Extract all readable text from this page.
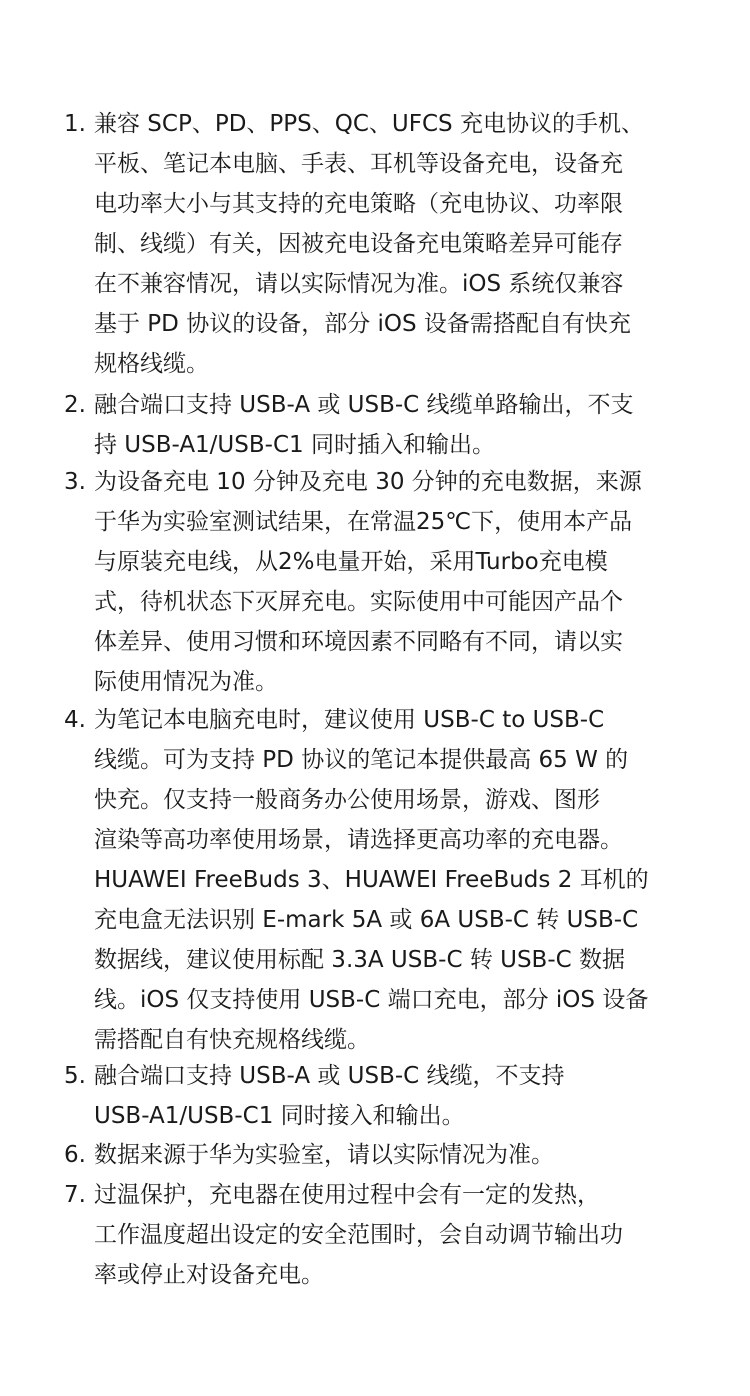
1. 兼容 SCP、PD、PPS、QC、UFCS 充电协议的手机、
平板、笔记本电脑、手表、耳机等设备充电，设备充
电功率大小与其支持的充电策略（充电协议、功率限
制、线缆）有关，因被充电设备充电策略差异可能存
在不兼容情况，请以实际情况为准。iOS 系统仅兼容
基于 PD 协议的设备，部分 iOS 设备需搭配自有快充
规格线缆。
2. 融合端口支持 USB-A 或 USB-C 线缆单路输出，不支
持 USB-A1/USB-C1 同时插入和输出。
3. 为设备充电 10 分钟及充电 30 分钟的充电数据，来源
于华为实验室测试结果，在常温25℃下，使用本产品
与原装充电线，从2%电量开始，采用Turbo充电模
式，待机状态下灭屏充电。实际使用中可能因产品个
体差异、使用习惯和环境因素不同略有不同，请以实
际使用情况为准。
4. 为笔记本电脑充电时，建议使用 USB-C to USB-C
线缆。可为支持 PD 协议的笔记本提供最高 65 W 的
快充。仅支持一般商务办公使用场景，游戏、图形
渲染等高功率使用场景，请选择更高功率的充电器。
HUAWEI FreeBuds 3、HUAWEI FreeBuds 2 耳机的
充电盒无法识别 E-mark 5A 或 6A USB-C 转 USB-C
数据线，建议使用标配 3.3A USB-C 转 USB-C 数据
线。iOS 仅支持使用 USB-C 端口充电，部分 iOS 设备
需搭配自有快充规格线缆。
5. 融合端口支持 USB-A 或 USB-C 线缆，不支持
USB-A1/USB-C1 同时接入和输出。
6. 数据来源于华为实验室，请以实际情况为准。
7. 过温保护，充电器在使用过程中会有一定的发热，
工作温度超出设定的安全范围时，会自动调节输出功
率或停止对设备充电。
